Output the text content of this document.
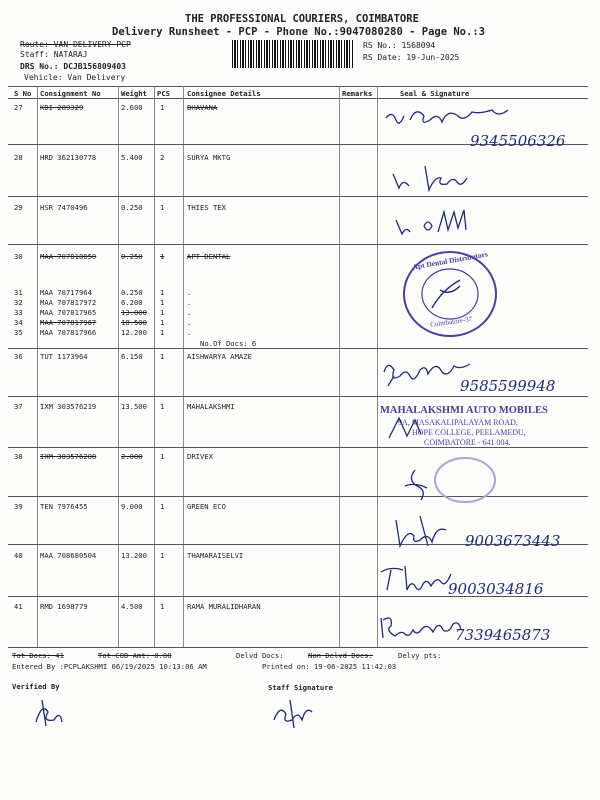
THE PROFESSIONAL COURIERS, COIMBATORE
Delivery Runsheet - PCP - Phone No.:9047080280 - Page No.:3
Route: VAN DELIVERY PCP
Staff: NATARAJ
DRS No.: DCJB156809403
Vehicle: Van Delivery
RS No.: 1568094
RS Date: 19-Jun-2025
S No Consignment No	Weight PCS Consignee Details	Remarks	Seal & Signature
27 KDI 289329	2.600 1	BHAVANA
28 HRD 362130778	5.400 2	SURYA MKTG
29 HSR 7470496	0.250 1	THIES TEX
30 MAA 707818050	0.250 1	APT DENTAL
31 MAA 70717964	0.250 1	.
32 MAA 707817972	6.200 1	.
33 MAA 707817965	13.000 1	.
34 MAA 707817967	18.500 1	.
35 MAA 707817966	12.200 1	.
No.Of Docs: 6
36 TUT 1173964	6.150 1	AISHWARYA AMAZE
37 IXM 303576219	13.500 1	MAHALAKSHMI
38 IXM 303576208	2.000 1	DRIVEX
39 TEN 7976455	9.000 1	GREEN ECO
40 MAA 708680504	13.200 1	THAMARAISELVI
41 RMD 1698779	4.500 1	RAMA MURALIDHARAN
9345506326
Apt Dental Distributors
Coimbatore-37
9585599948
MAHALAKSHMI AUTO MOBILES
9A, MASAKALIPALAYAM ROAD,
HOPE COLLEGE, PEELAMEDU,
COIMBATORE - 641 004.
9003673443
9003034816
7339465873
Tot Docs: 41	Tot COD Amt: 0.00	Delvd Docs:	Non Delvd Docs:	Delvy pts:
Entered By :PCPLAKSHMI 06/19/2025 10:13:06 AM	Printed on: 19-06-2025 11:42:03
Verified By	Staff Signature
